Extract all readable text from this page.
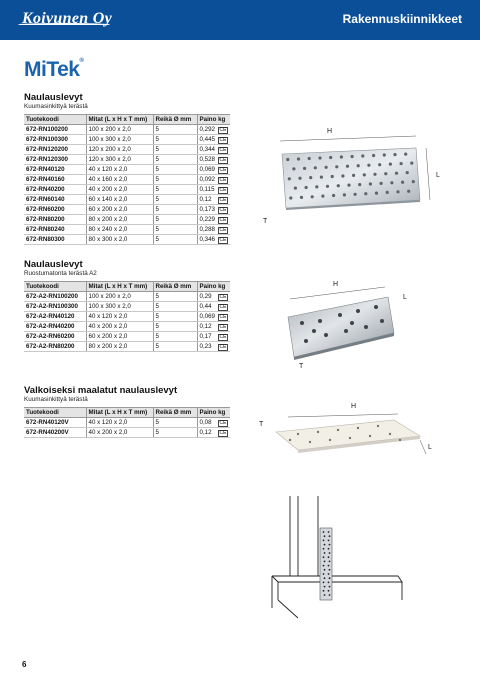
Koivunen Oy	Rakennuskiinnikkeet
MiTek®
Naulauslevyt
Kuumasinkittyä terästä
Tuotekoodi	Mitat (L x H x T mm)	Reikä Ø mm	Paino kg
672-RN100200	100 x 200 x 2,0	5	0,292 CE

672-RN100300	100 x 300 x 2,0	5	0,445 CE

672-RN120200	120 x 200 x 2,0	5	0,344 CE

672-RN120300	120 x 300 x 2,0	5	0,528 CE

672-RN40120	40 x 120 x 2,0	5	0,069 CE

672-RN40160	40 x 160 x 2,0	5	0,092 CE

672-RN40200	40 x 200 x 2,0	5	0,115 CE

672-RN60140	60 x 140 x 2,0	5	0,12 CE

672-RN60200	60 x 200 x 2,0	5	0,173 CE

672-RN80200	80 x 200 x 2,0	5	0,229 CE

672-RN80240	80 x 240 x 2,0	5	0,288 CE

672-RN80300	80 x 300 x 2,0	5	0,346 CE
Naulauslevyt
Ruostumatonta terästä A2
Tuotekoodi	Mitat (L x H x T mm)	Reikä Ø mm	Paino kg
672-A2-RN100200	100 x 200 x 2,0	5	0,29 CE

672-A2-RN100300	100 x 300 x 2,0	5	0,44 CE

672-A2-RN40120	40 x 120 x 2,0	5	0,069 CE

672-A2-RN40200	40 x 200 x 2,0	5	0,12 CE

672-A2-RN60200	60 x 200 x 2,0	5	0,17 CE

672-A2-RN80200	80 x 200 x 2,0	5	0,23 CE
Valkoiseksi maalatut naulauslevyt
Kuumasinkittyä terästä
Tuotekoodi	Mitat (L x H x T mm)	Reikä Ø mm	Paino kg
672-RN40120V	40 x 120 x 2,0	5	0,08 CE

672-RN40200V	40 x 200 x 2,0	5	0,12 CE
H
L
T
H
L
T
H
L
T
6
